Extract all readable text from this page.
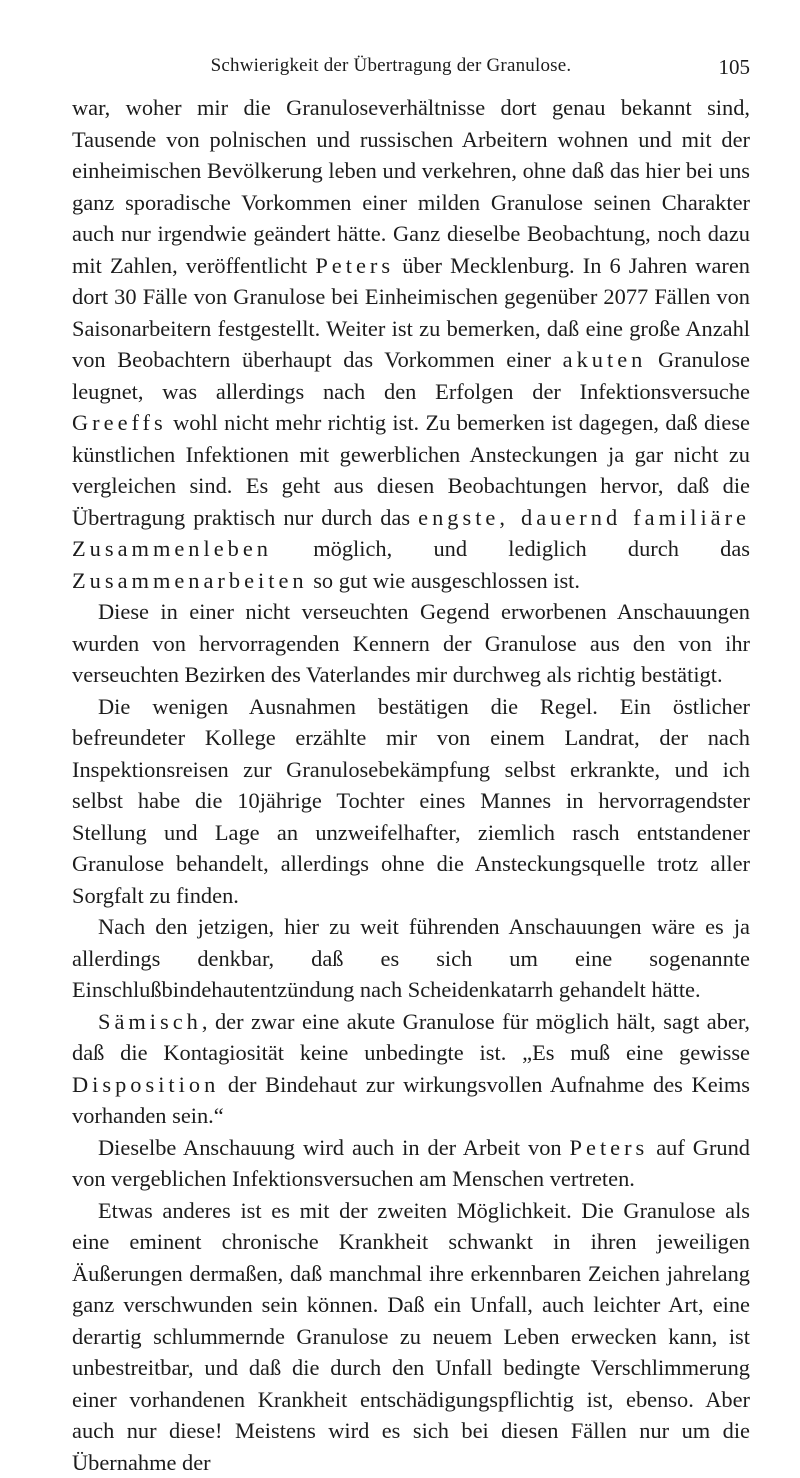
Schwierigkeit der Übertragung der Granulose.	105

war, woher mir die Granuloseverhältnisse dort genau bekannt sind, Tausende von polnischen und russischen Arbeitern wohnen und mit der einheimischen Bevölkerung leben und verkehren, ohne daß das hier bei uns ganz sporadische Vorkommen einer milden Granulose seinen Charakter auch nur irgendwie geändert hätte. Ganz dieselbe Beobachtung, noch dazu mit Zahlen, veröffentlicht Peters über Mecklenburg. In 6 Jahren waren dort 30 Fälle von Granulose bei Einheimischen gegenüber 2077 Fällen von Saisonarbeitern festgestellt. Weiter ist zu bemerken, daß eine große Anzahl von Beobachtern überhaupt das Vorkommen einer akuten Granulose leugnet, was allerdings nach den Erfolgen der Infektionsversuche Greeffs wohl nicht mehr richtig ist. Zu bemerken ist dagegen, daß diese künstlichen Infektionen mit gewerblichen Ansteckungen ja gar nicht zu vergleichen sind. Es geht aus diesen Beobachtungen hervor, daß die Übertragung praktisch nur durch das engste, dauernd familiäre Zusammenleben möglich, und lediglich durch das Zusammenarbeiten so gut wie ausgeschlossen ist.

Diese in einer nicht verseuchten Gegend erworbenen Anschauungen wurden von hervorragenden Kennern der Granulose aus den von ihr verseuchten Bezirken des Vaterlandes mir durchweg als richtig bestätigt.

Die wenigen Ausnahmen bestätigen die Regel. Ein östlicher befreundeter Kollege erzählte mir von einem Landrat, der nach Inspektionsreisen zur Granulosebekämpfung selbst erkrankte, und ich selbst habe die 10jährige Tochter eines Mannes in hervorragendster Stellung und Lage an unzweifelhafter, ziemlich rasch entstandener Granulose behandelt, allerdings ohne die Ansteckungsquelle trotz aller Sorgfalt zu finden.

Nach den jetzigen, hier zu weit führenden Anschauungen wäre es ja allerdings denkbar, daß es sich um eine sogenannte Einschlußbindehautentzündung nach Scheidenkatarrh gehandelt hätte.

Sämisch, der zwar eine akute Granulose für möglich hält, sagt aber, daß die Kontagiosität keine unbedingte ist. „Es muß eine gewisse Disposition der Bindehaut zur wirkungsvollen Aufnahme des Keims vorhanden sein.“

Dieselbe Anschauung wird auch in der Arbeit von Peters auf Grund von vergeblichen Infektionsversuchen am Menschen vertreten.

Etwas anderes ist es mit der zweiten Möglichkeit. Die Granulose als eine eminent chronische Krankheit schwankt in ihren jeweiligen Äußerungen dermaßen, daß manchmal ihre erkennbaren Zeichen jahrelang ganz verschwunden sein können. Daß ein Unfall, auch leichter Art, eine derartig schlummernde Granulose zu neuem Leben erwecken kann, ist unbestreitbar, und daß die durch den Unfall bedingte Verschlimmerung einer vorhandenen Krankheit entschädigungspflichtig ist, ebenso. Aber auch nur diese! Meistens wird es sich bei diesen Fällen nur um die Übernahme der
